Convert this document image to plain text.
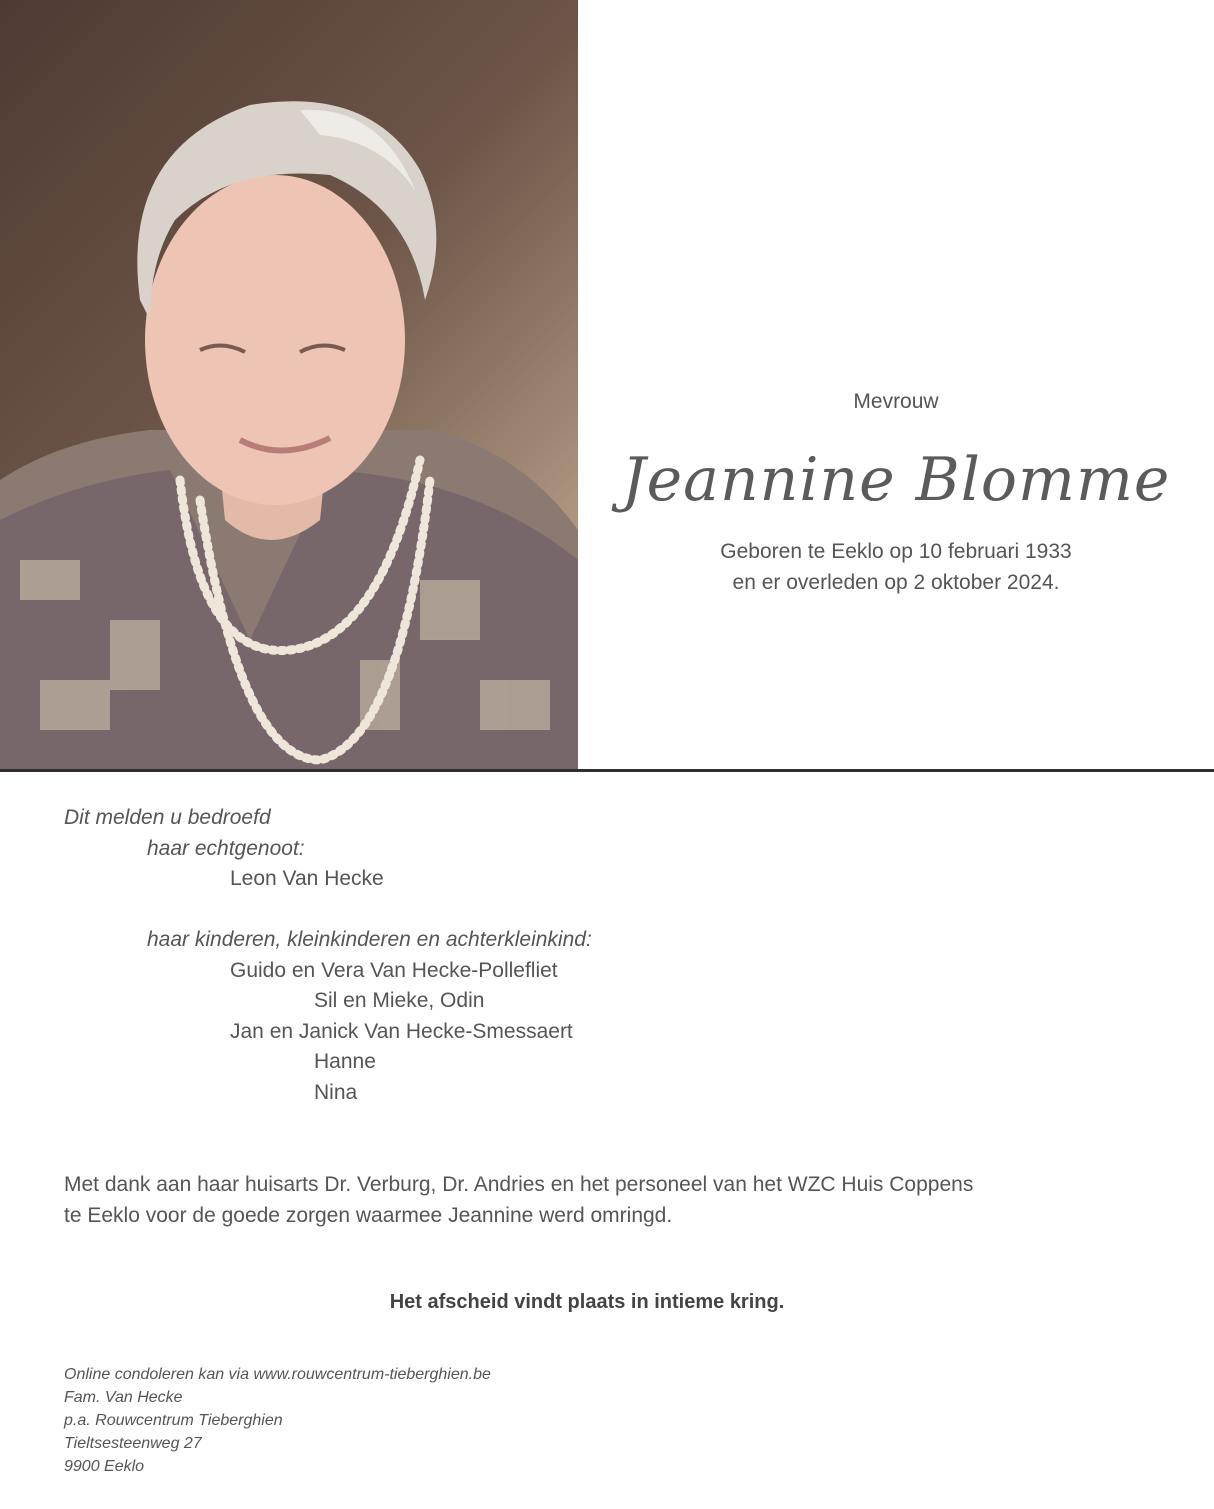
Mevrouw

Jeannine Blomme
Geboren te Eeklo op 10 februari 1933
en er overleden op 2 oktober 2024.
Dit melden u bedroefd
haar echtgenoot:
Leon Van Hecke
haar kinderen, kleinkinderen en achterkleinkind:
Guido en Vera Van Hecke-Pollefliet
Sil en Mieke, Odin
Jan en Janick Van Hecke-Smessaert
Hanne
Nina
Met dank aan haar huisarts Dr. Verburg, Dr. Andries en het personeel van het WZC Huis Coppens
te Eeklo voor de goede zorgen waarmee Jeannine werd omringd.
Het afscheid vindt plaats in intieme kring.
Online condoleren kan via www.rouwcentrum-tieberghien.be
Fam. Van Hecke
p.a. Rouwcentrum Tieberghien
Tieltsesteenweg 27
9900 Eeklo
